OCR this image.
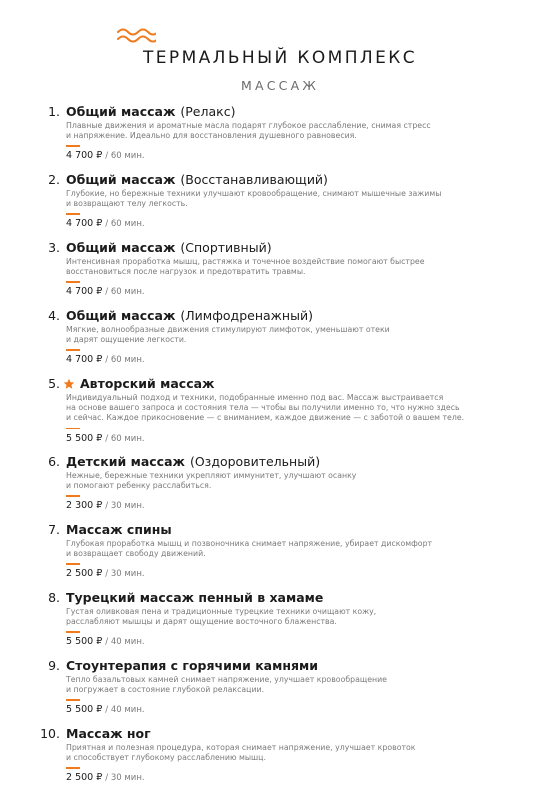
ТЕРМАЛЬНЫЙ КОМПЛЕКС
МАССАЖ
1. Общий массаж (Релакс)
Плавные движения и ароматные масла подарят глубокое расслабление, снимая стресс
и напряжение. Идеально для восстановления душевного равновесия.
4 700 ₽ / 60 мин.
2. Общий массаж (Восстанавливающий)
Глубокие, но бережные техники улучшают кровообращение, снимают мышечные зажимы
и возвращают телу легкость.
4 700 ₽ / 60 мин.
3. Общий массаж (Спортивный)
Интенсивная проработка мышц, растяжка и точечное воздействие помогают быстрее
восстановиться после нагрузок и предотвратить травмы.
4 700 ₽ / 60 мин.
4. Общий массаж (Лимфодренажный)
Мягкие, волнообразные движения стимулируют лимфоток, уменьшают отеки
и дарят ощущение легкости.
4 700 ₽ / 60 мин.
5. Авторский массаж
Индивидуальный подход и техники, подобранные именно под вас. Массаж выстраивается
на основе вашего запроса и состояния тела — чтобы вы получили именно то, что нужно здесь
и сейчас. Каждое прикосновение — с вниманием, каждое движение — с заботой о вашем теле.
5 500 ₽ / 60 мин.
6. Детский массаж (Оздоровительный)
Нежные, бережные техники укрепляют иммунитет, улучшают осанку
и помогают ребенку расслабиться.
2 300 ₽ / 30 мин.
7. Массаж спины
Глубокая проработка мышц и позвоночника снимает напряжение, убирает дискомфорт
и возвращает свободу движений.
2 500 ₽ / 30 мин.
8. Турецкий массаж пенный в хамаме
Густая оливковая пена и традиционные турецкие техники очищают кожу,
расслабляют мышцы и дарят ощущение восточного блаженства.
5 500 ₽ / 40 мин.
9. Стоунтерапия с горячими камнями
Тепло базальтовых камней снимает напряжение, улучшает кровообращение
и погружает в состояние глубокой релаксации.
5 500 ₽ / 40 мин.
10. Массаж ног
Приятная и полезная процедура, которая снимает напряжение, улучшает кровоток
и способствует глубокому расслаблению мышц.
2 500 ₽ / 30 мин.
